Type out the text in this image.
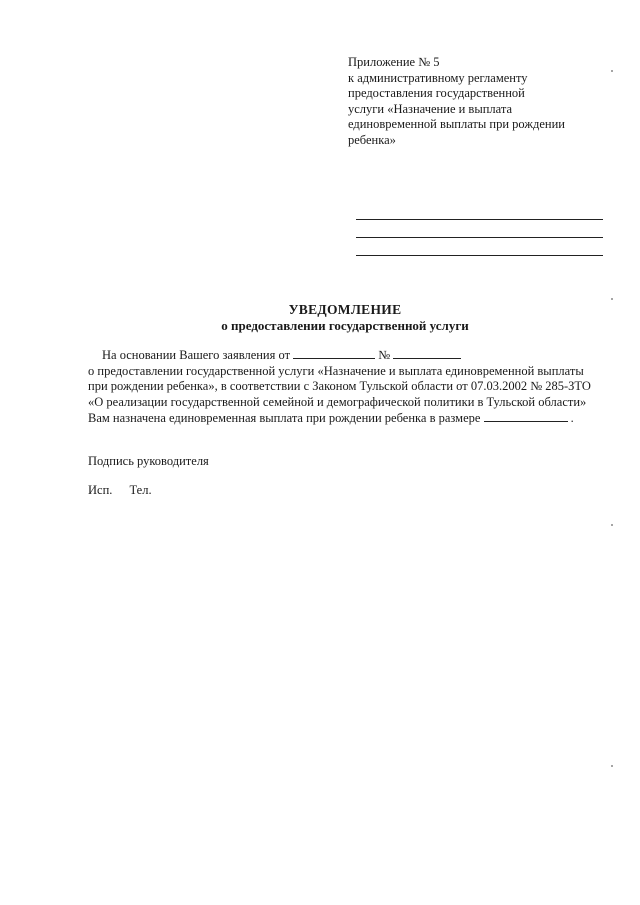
Приложение № 5
к административному регламенту
предоставления государственной
услуги «Назначение и выплата
единовременной выплаты при рождении
ребенка»
УВЕДОМЛЕНИЕ
о предоставлении государственной услуги
На основании Вашего заявления от	№
о предоставлении государственной услуги «Назначение и выплата единовременной выплаты
при рождении ребенка», в соответствии с Законом Тульской области от 07.03.2002 № 285-ЗТО
«О реализации государственной семейной и демографической политики в Тульской области»
Вам назначена единовременная выплата при рождении ребенка в размере	.
Подпись руководителя
Исп. Тел.
